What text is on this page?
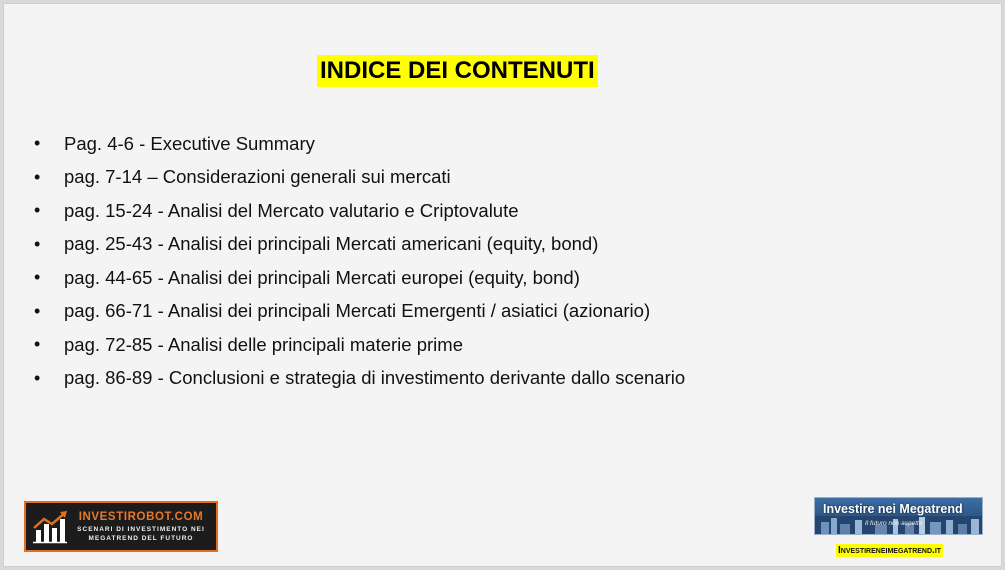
INDICE DEI CONTENUTI
•	Pag. 4-6 - Executive Summary
•	pag. 7-14 – Considerazioni generali sui mercati
•	pag. 15-24 - Analisi del Mercato valutario e Criptovalute
•	pag. 25-43 - Analisi dei principali Mercati americani (equity, bond)
•	pag. 44-65 - Analisi dei principali Mercati europei (equity, bond)
•	pag. 66-71 - Analisi dei principali Mercati Emergenti / asiatici (azionario)
•	pag. 72-85 - Analisi delle principali materie prime
•	pag. 86-89 - Conclusioni e strategia di investimento derivante dallo scenario
INVESTIROBOT.COM
SCENARI DI INVESTIMENTO NEI
MEGATREND DEL FUTURO
Investire nei Megatrend
Il futuro non aspetta
Investireneimegatrend.it
